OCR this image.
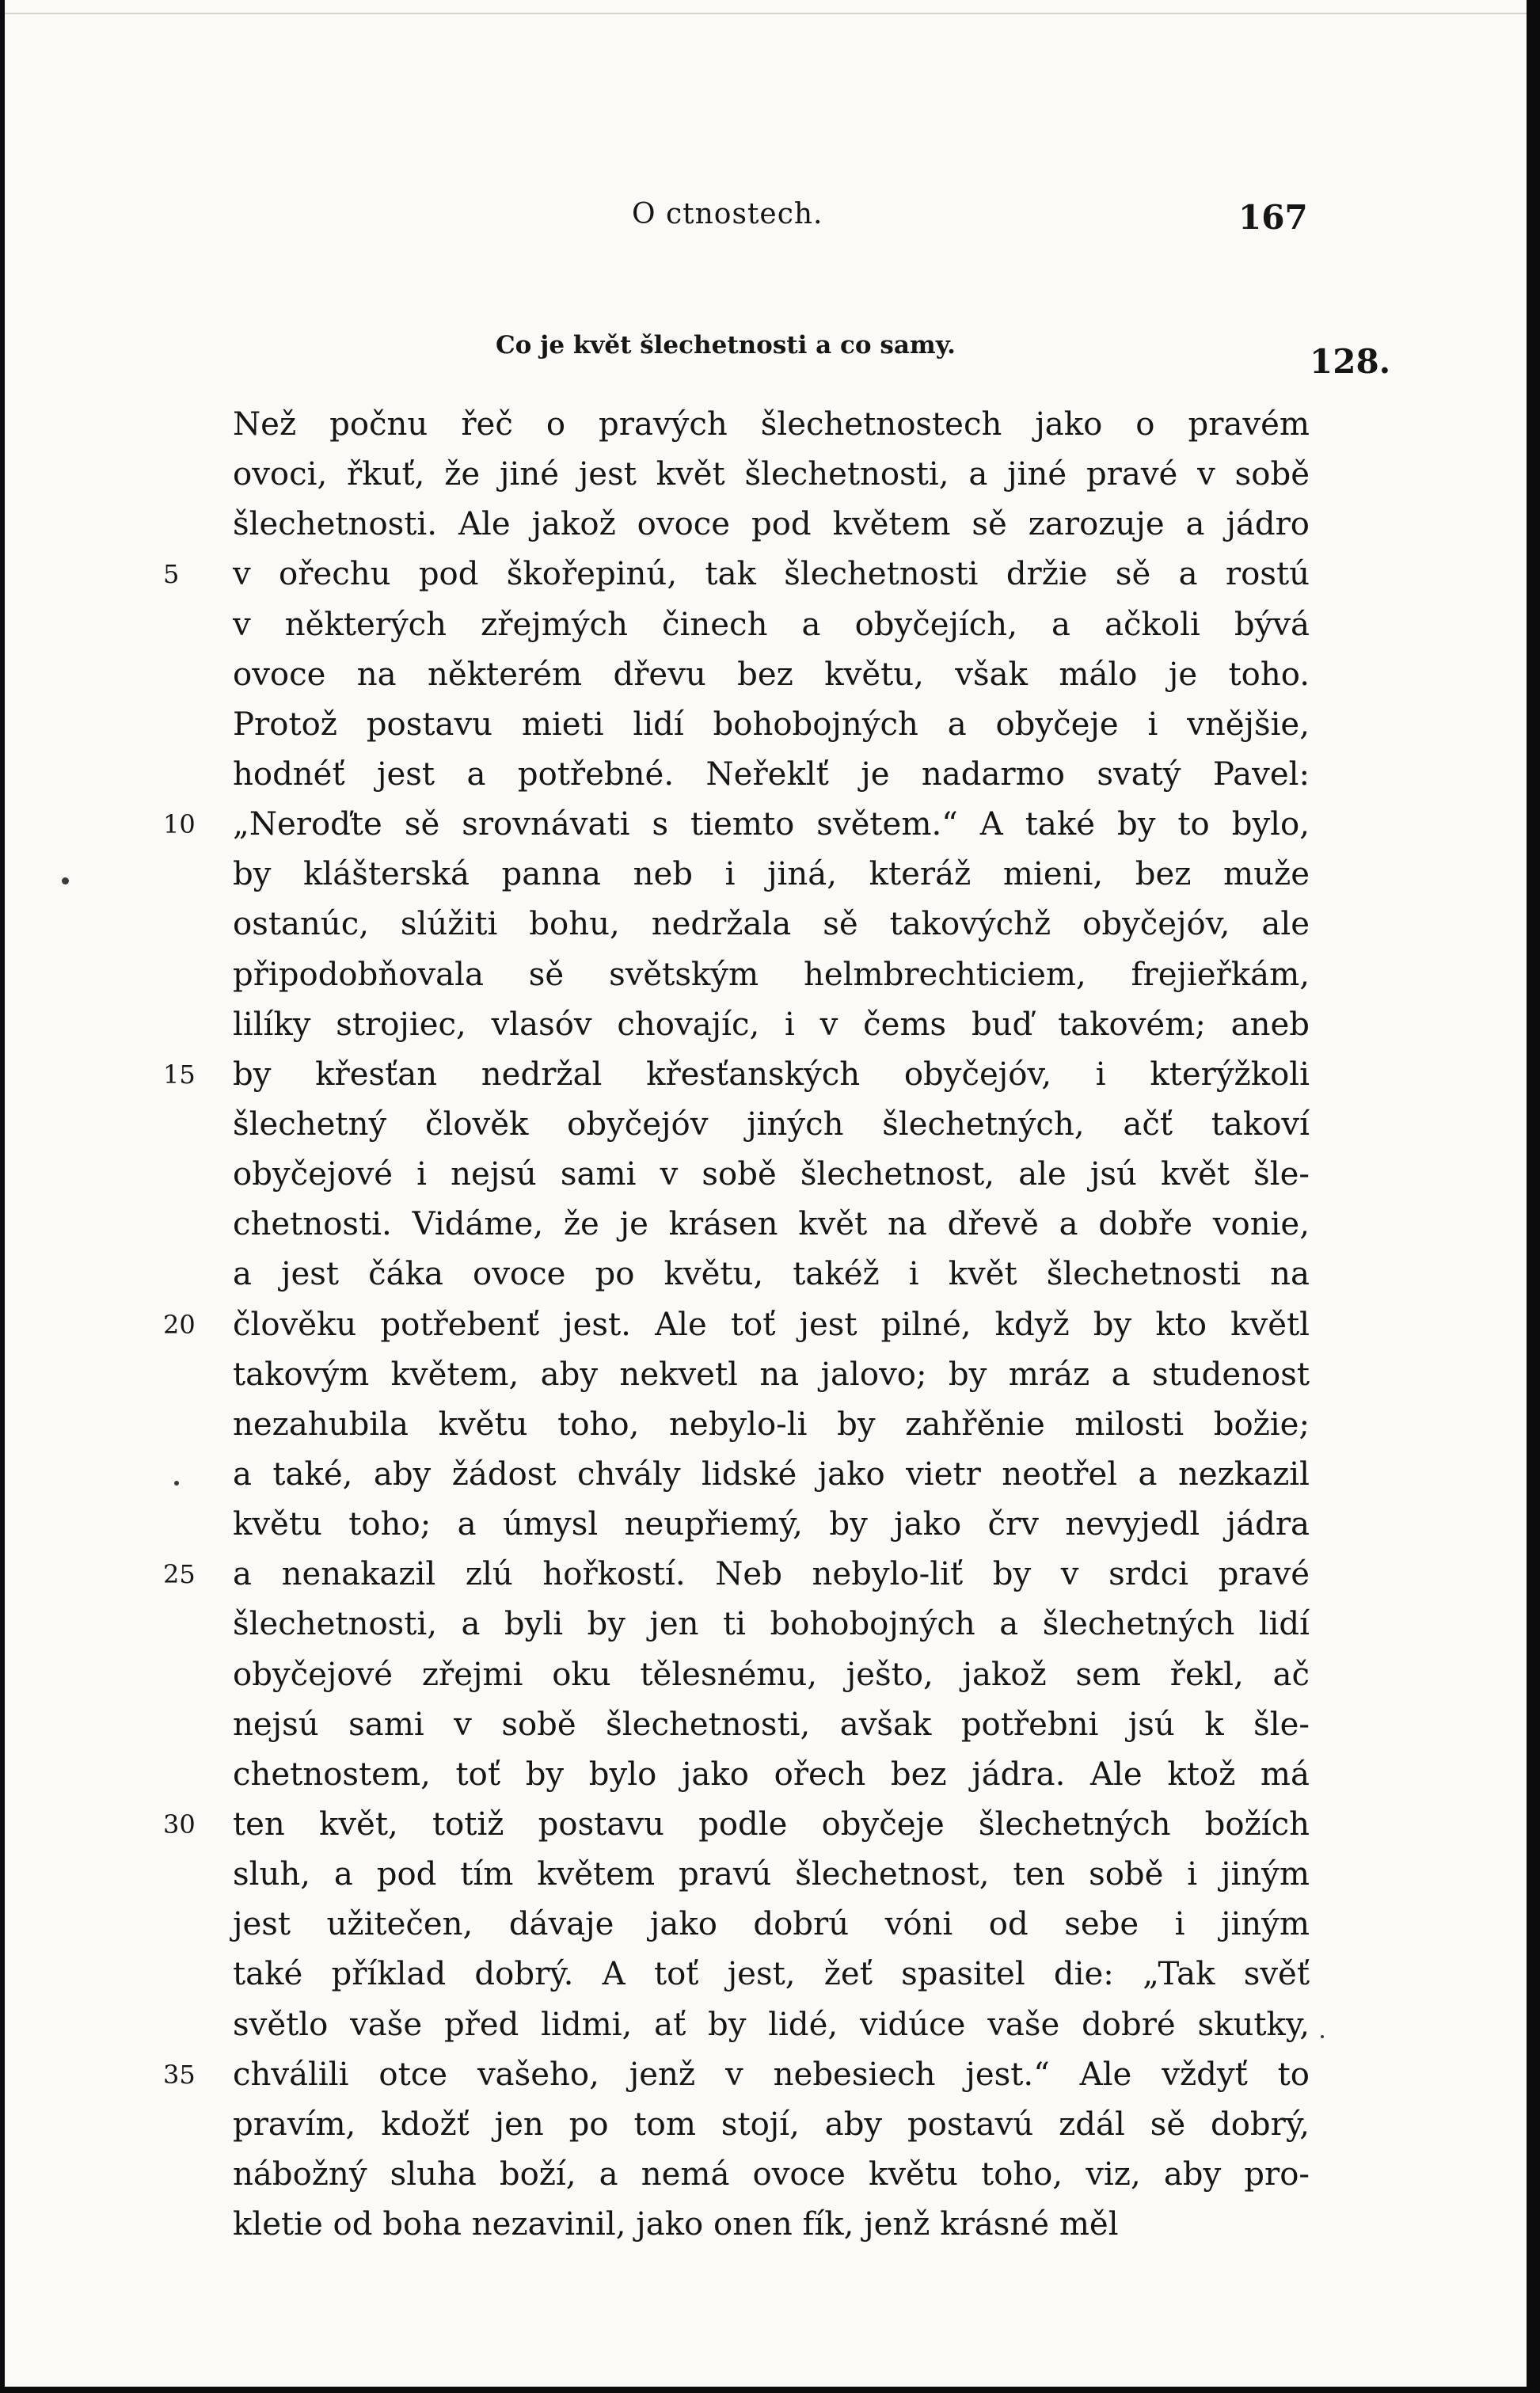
O ctnostech.	167
Co je květ šlechetnosti a co samy.	128.
Než počnu řeč o pravých šlechetnostech jako o pravém
ovoci, řkuť, že jiné jest květ šlechetnosti, a jiné pravé v sobě
šlechetnosti. Ale jakož ovoce pod květem sě zarozuje a jádro
5	v ořechu pod škořepinú, tak šlechetnosti držie sě a rostú
v některých zřejmých činech a obyčejích, a ačkoli bývá
ovoce na některém dřevu bez květu, však málo je toho.
Protož postavu mieti lidí bohobojných a obyčeje i vnějšie,
hodnéť jest a potřebné. Neřeklť je nadarmo svatý Pavel:
10	„Neroďte sě srovnávati s tiemto světem.“ A také by to bylo,
by klášterská panna neb i jiná, kteráž mieni, bez muže
ostanúc, slúžiti bohu, nedržala sě takovýchž obyčejóv, ale
připodobňovala sě světským helmbrechticiem, frejieřkám,
lilíky strojiec, vlasóv chovajíc, i v čems buď takovém; aneb
15	by křesťan nedržal křesťanských obyčejóv, i kterýžkoli
šlechetný člověk obyčejóv jiných šlechetných, ačť takoví
obyčejové i nejsú sami v sobě šlechetnost, ale jsú květ šle-
chetnosti. Vidáme, že je krásen květ na dřevě a dobře vonie,
a jest čáka ovoce po květu, takéž i květ šlechetnosti na
20	člověku potřebenť jest. Ale toť jest pilné, když by kto květl
takovým květem, aby nekvetl na jalovo; by mráz a studenost
nezahubila květu toho, nebylo-li by zahřěnie milosti božie;
a také, aby žádost chvály lidské jako vietr neotřel a nezkazil
květu toho; a úmysl neupřiemý, by jako črv nevyjedl jádra
25	a nenakazil zlú hořkostí. Neb nebylo-liť by v srdci pravé
šlechetnosti, a byli by jen ti bohobojných a šlechetných lidí
obyčejové zřejmi oku tělesnému, ješto, jakož sem řekl, ač
nejsú sami v sobě šlechetnosti, avšak potřebni jsú k šle-
chetnostem, toť by bylo jako ořech bez jádra. Ale ktož má
30	ten květ, totiž postavu podle obyčeje šlechetných božích
sluh, a pod tím květem pravú šlechetnost, ten sobě i jiným
jest užitečen, dávaje jako dobrú vóni od sebe i jiným
také příklad dobrý. A toť jest, žeť spasitel die: „Tak svěť
světlo vaše před lidmi, ať by lidé, vidúce vaše dobré skutky,
35	chválili otce vašeho, jenž v nebesiech jest.“ Ale vždyť to
pravím, kdožť jen po tom stojí, aby postavú zdál sě dobrý,
nábožný sluha boží, a nemá ovoce květu toho, viz, aby pro-
kletie od boha nezavinil, jako onen fík, jenž krásné měl
